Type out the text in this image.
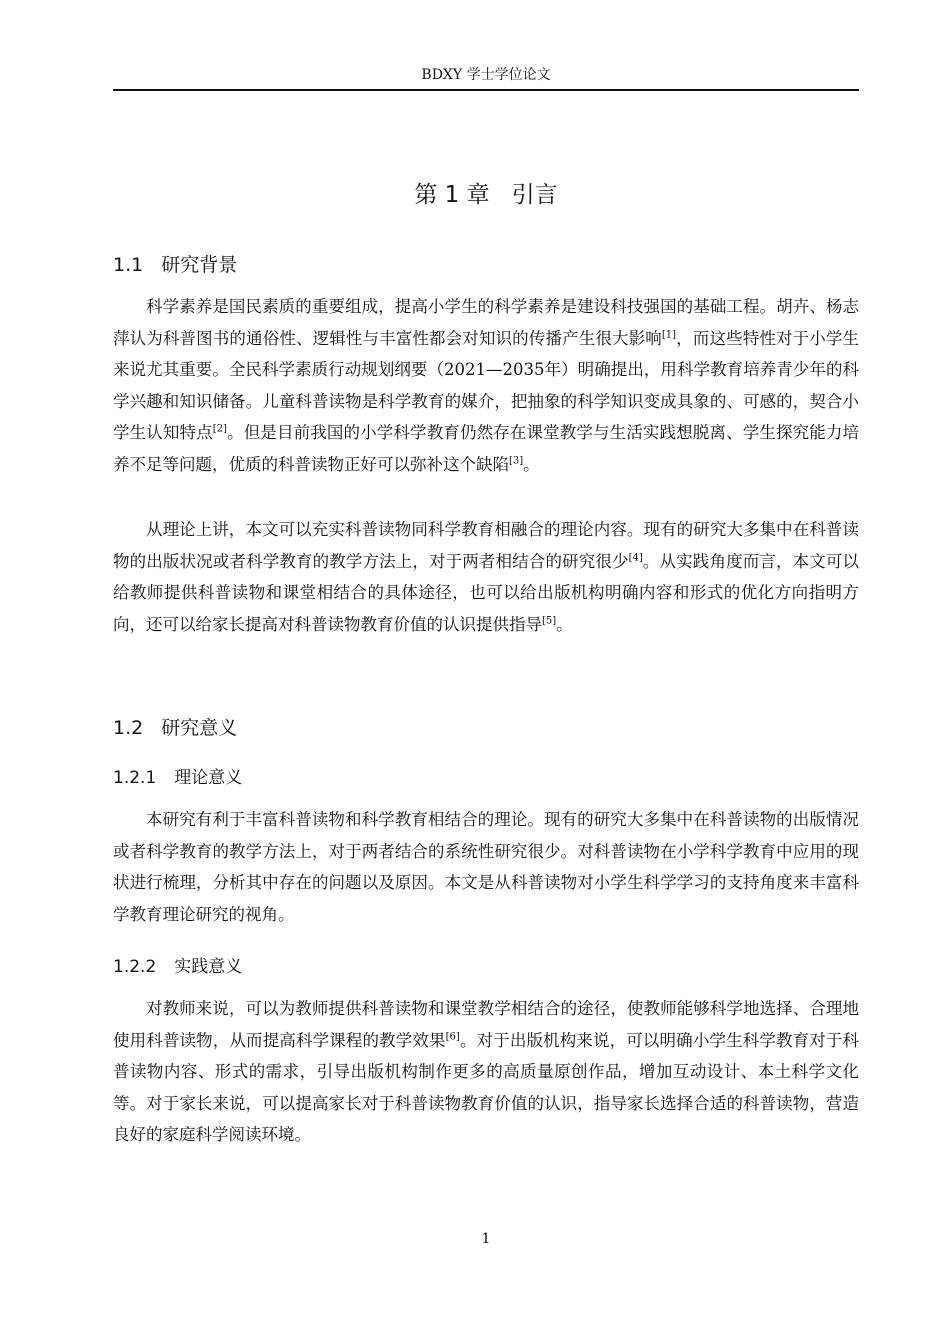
BDXY 学士学位论文
第 1 章 引言
1.1 研究背景

科学素养是国民素质的重要组成，提高小学生的科学素养是建设科技强国的基础工程。胡卉、杨志萍认为科普图书的通俗性、逻辑性与丰富性都会对知识的传播产生很大影响[1]，而这些特性对于小学生来说尤其重要。全民科学素质行动规划纲要（2021—2035年）明确提出，用科学教育培养青少年的科学兴趣和知识储备。儿童科普读物是科学教育的媒介，把抽象的科学知识变成具象的、可感的，契合小学生认知特点[2]。但是目前我国的小学科学教育仍然存在课堂教学与生活实践想脱离、学生探究能力培养不足等问题，优质的科普读物正好可以弥补这个缺陷[3]。

从理论上讲，本文可以充实科普读物同科学教育相融合的理论内容。现有的研究大多集中在科普读物的出版状况或者科学教育的教学方法上，对于两者相结合的研究很少[4]。从实践角度而言，本文可以给教师提供科普读物和课堂相结合的具体途径，也可以给出版机构明确内容和形式的优化方向指明方向，还可以给家长提高对科普读物教育价值的认识提供指导[5]。

1.2 研究意义
1.2.1 理论意义

本研究有利于丰富科普读物和科学教育相结合的理论。现有的研究大多集中在科普读物的出版情况或者科学教育的教学方法上，对于两者结合的系统性研究很少。对科普读物在小学科学教育中应用的现状进行梳理，分析其中存在的问题以及原因。本文是从科普读物对小学生科学学习的支持角度来丰富科学教育理论研究的视角。

1.2.2 实践意义

对教师来说，可以为教师提供科普读物和课堂教学相结合的途径，使教师能够科学地选择、合理地使用科普读物，从而提高科学课程的教学效果[6]。对于出版机构来说，可以明确小学生科学教育对于科普读物内容、形式的需求，引导出版机构制作更多的高质量原创作品，增加互动设计、本土科学文化等。对于家长来说，可以提高家长对于科普读物教育价值的认识，指导家长选择合适的科普读物，营造良好的家庭科学阅读环境。

1
